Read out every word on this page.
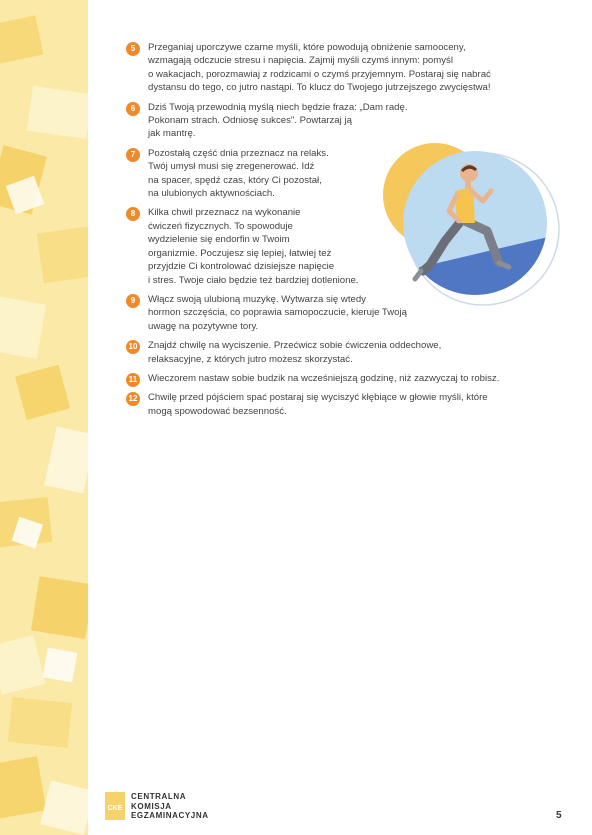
5	Przeganiaj uporczywe czarne myśli, które powodują obniżenie samooceny,
wzmagają odczucie stresu i napięcia. Zajmij myśli czymś innym: pomyśl
o wakacjach, porozmawiaj z rodzicami o czymś przyjemnym. Postaraj się nabrać
dystansu do tego, co jutro nastąpi. To klucz do Twojego jutrzejszego zwycięstwa!
6	Dziś Twoją przewodnią myślą niech będzie fraza: „Dam radę.
Pokonam strach. Odniosę sukces". Powtarzaj ją
jak mantrę.
7	Pozostałą część dnia przeznacz na relaks.
Twój umysł musi się zregenerować. Idź
na spacer, spędź czas, który Ci pozostał,
na ulubionych aktywnościach.
8	Kilka chwil przeznacz na wykonanie
ćwiczeń fizycznych. To spowoduje
wydzielenie się endorfin w Twoim
organizmie. Poczujesz się lepiej, łatwiej też
przyjdzie Ci kontrolować dzisiejsze napięcie
i stres. Twoje ciało będzie też bardziej dotlenione.
9	Włącz swoją ulubioną muzykę. Wytwarza się wtedy
hormon szczęścia, co poprawia samopoczucie, kieruje Twoją
uwagę na pozytywne tory.
10 Znajdź chwilę na wyciszenie. Przećwicz sobie ćwiczenia oddechowe,
relaksacyjne, z których jutro możesz skorzystać.
11 Wieczorem nastaw sobie budzik na wcześniejszą godzinę, niż zazwyczaj to robisz.
12 Chwilę przed pójściem spać postaraj się wyciszyć kłębiące w głowie myśli, które
mogą spowodować bezsenność.
CKE
CENTRALNA
KOMISJA
EGZAMINACYJNA	5
